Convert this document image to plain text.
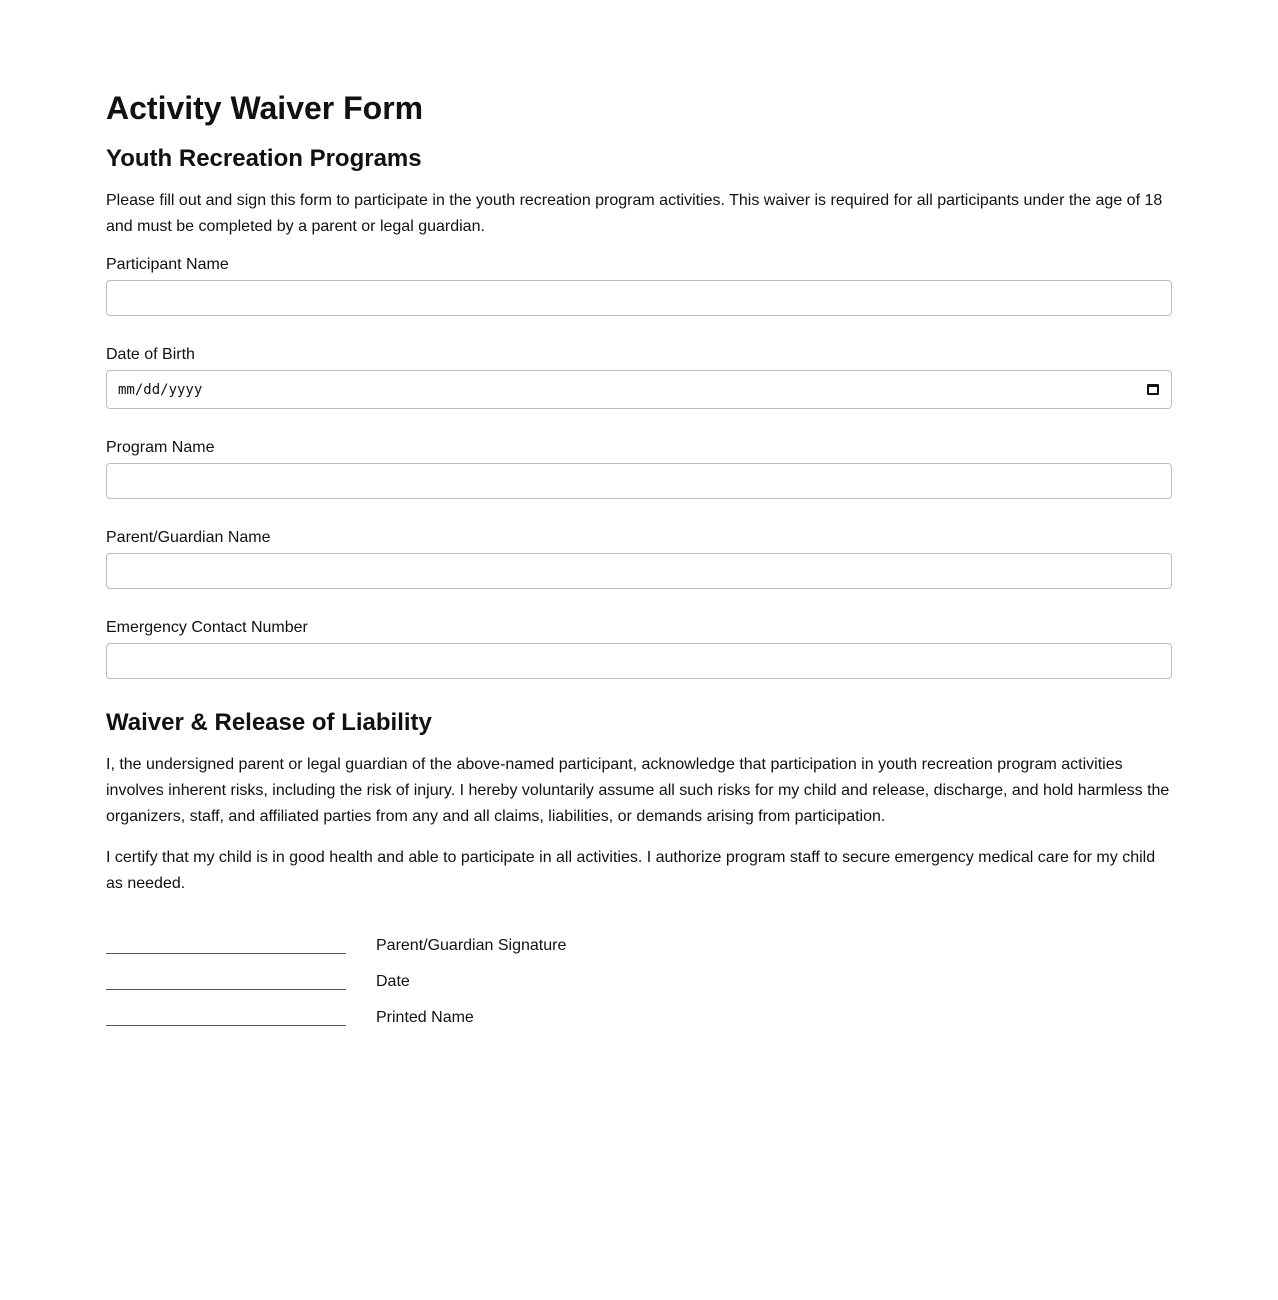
Activity Waiver Form
Youth Recreation Programs

Please fill out and sign this form to participate in the youth recreation program activities. This waiver is required for all participants under the age of 18 and must be completed by a parent or legal guardian.

Participant Name
Date of Birth
mm/dd/yyyy
Program Name
Parent/Guardian Name
Emergency Contact Number
Waiver & Release of Liability

I, the undersigned parent or legal guardian of the above-named participant, acknowledge that participation in youth recreation program activities involves inherent risks, including the risk of injury. I hereby voluntarily assume all such risks for my child and release, discharge, and hold harmless the organizers, staff, and affiliated parties from any and all claims, liabilities, or demands arising from participation.

I certify that my child is in good health and able to participate in all activities. I authorize program staff to secure emergency medical care for my child as needed.

Parent/Guardian Signature
Date
Printed Name
